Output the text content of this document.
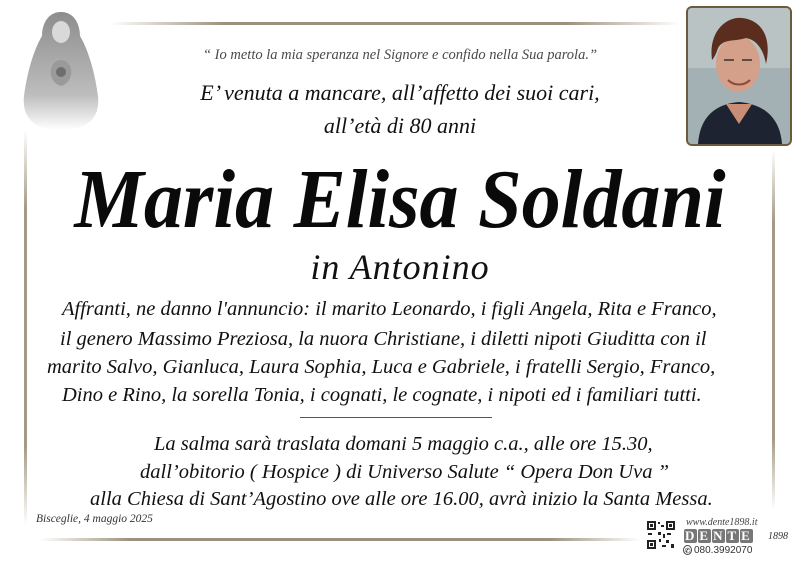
“ Io metto la mia speranza nel Signore e confido nella Sua parola.”
E’ venuta a mancare, all’affetto dei suoi cari,
all’età di 80 anni
Maria Elisa Soldani
in Antonino
Affranti, ne danno l'annuncio: il marito Leonardo, i figli Angela, Rita e Franco,
il genero Massimo Preziosa, la nuora Christiane, i diletti nipoti Giuditta con il
marito Salvo, Gianluca, Laura Sophia, Luca e Gabriele, i fratelli Sergio, Franco,
Dino e Rino, la sorella Tonia, i cognati, le cognate, i nipoti ed i familiari tutti.
La salma sarà traslata domani 5 maggio c.a., alle ore 15.30,
dall’obitorio ( Hospice ) di Universo Salute “ Opera Don Uva ”
alla Chiesa di Sant’Agostino ove alle ore 16.00, avrà inizio la Santa Messa.
Bisceglie, 4 maggio 2025	www.dente1898.it
D E N T E 1898
✆ 080.3992070
